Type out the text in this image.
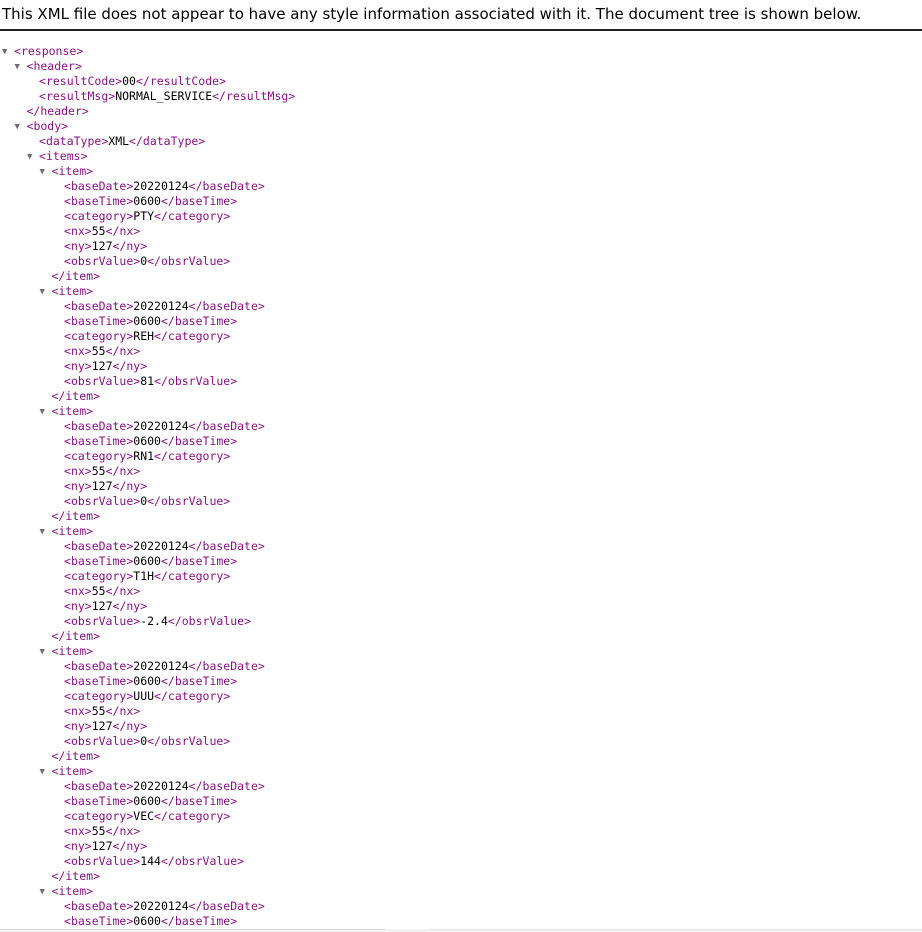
This XML file does not appear to have any style information associated with it. The document tree is shown below.
▼ <response>
▼ <header>
<resultCode>00</resultCode>
<resultMsg>NORMAL_SERVICE</resultMsg>
</header>
▼ <body>
<dataType>XML</dataType>
▼ <items>
▼ <item>
<baseDate>20220124</baseDate>
<baseTime>0600</baseTime>
<category>PTY</category>
<nx>55</nx>
<ny>127</ny>
<obsrValue>0</obsrValue>
</item>
▼ <item>
<baseDate>20220124</baseDate>
<baseTime>0600</baseTime>
<category>REH</category>
<nx>55</nx>
<ny>127</ny>
<obsrValue>81</obsrValue>
</item>
▼ <item>
<baseDate>20220124</baseDate>
<baseTime>0600</baseTime>
<category>RN1</category>
<nx>55</nx>
<ny>127</ny>
<obsrValue>0</obsrValue>
</item>
▼ <item>
<baseDate>20220124</baseDate>
<baseTime>0600</baseTime>
<category>T1H</category>
<nx>55</nx>
<ny>127</ny>
<obsrValue>-2.4</obsrValue>
</item>
▼ <item>
<baseDate>20220124</baseDate>
<baseTime>0600</baseTime>
<category>UUU</category>
<nx>55</nx>
<ny>127</ny>
<obsrValue>0</obsrValue>
</item>
▼ <item>
<baseDate>20220124</baseDate>
<baseTime>0600</baseTime>
<category>VEC</category>
<nx>55</nx>
<ny>127</ny>
<obsrValue>144</obsrValue>
</item>
▼ <item>
<baseDate>20220124</baseDate>
<baseTime>0600</baseTime>
